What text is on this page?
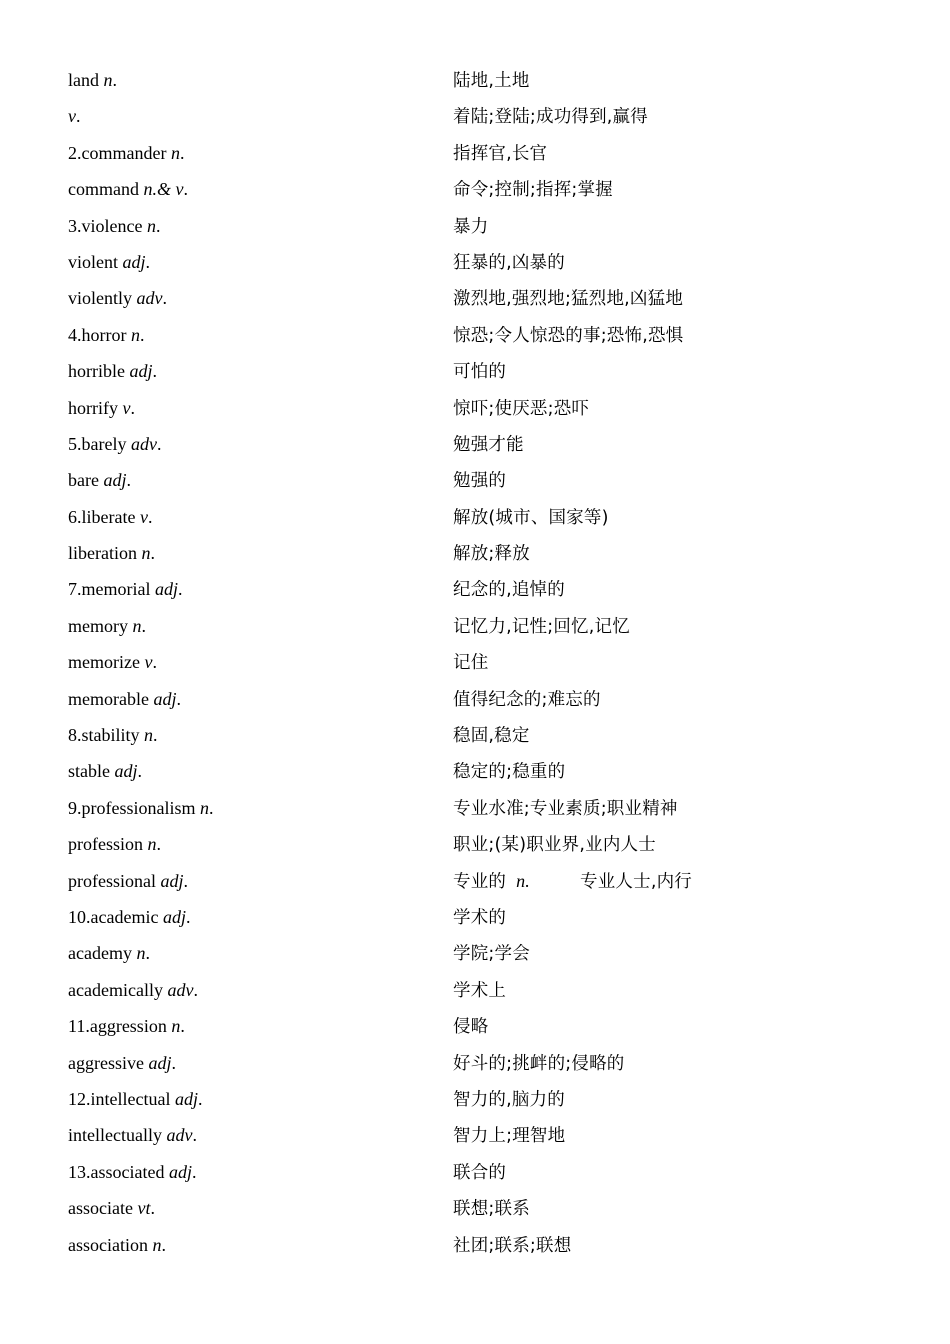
land n.	陆地,土地
v.	着陆;登陆;成功得到,赢得
2.commander n.	指挥官,长官
command n.& v.	命令;控制;指挥;掌握
3.violence n.	暴力
violent adj.	狂暴的,凶暴的
violently adv.	激烈地,强烈地;猛烈地,凶猛地
4.horror n.	惊恐;令人惊恐的事;恐怖,恐惧
horrible adj.	可怕的
horrify v.	惊吓;使厌恶;恐吓
5.barely adv.	勉强才能
bare adj.	勉强的
6.liberate v.	解放(城市、国家等)
liberation n.	解放;释放
7.memorial adj.	纪念的,追悼的
memory n.	记忆力,记性;回忆,记忆
memorize v.	记住
memorable adj.	值得纪念的;难忘的
8.stability n.	稳固,稳定
stable adj.	稳定的;稳重的
9.professionalism n.	专业水准;专业素质;职业精神
profession n.	职业;(某)职业界,业内人士
professional adj.	专业的 n.	专业人士,内行
10.academic adj.	学术的
academy n.	学院;学会
academically adv.	学术上
11.aggression n.	侵略
aggressive adj.	好斗的;挑衅的;侵略的
12.intellectual adj.	智力的,脑力的
intellectually adv.	智力上;理智地
13.associated adj.	联合的
associate vt.	联想;联系
association n.	社团;联系;联想
